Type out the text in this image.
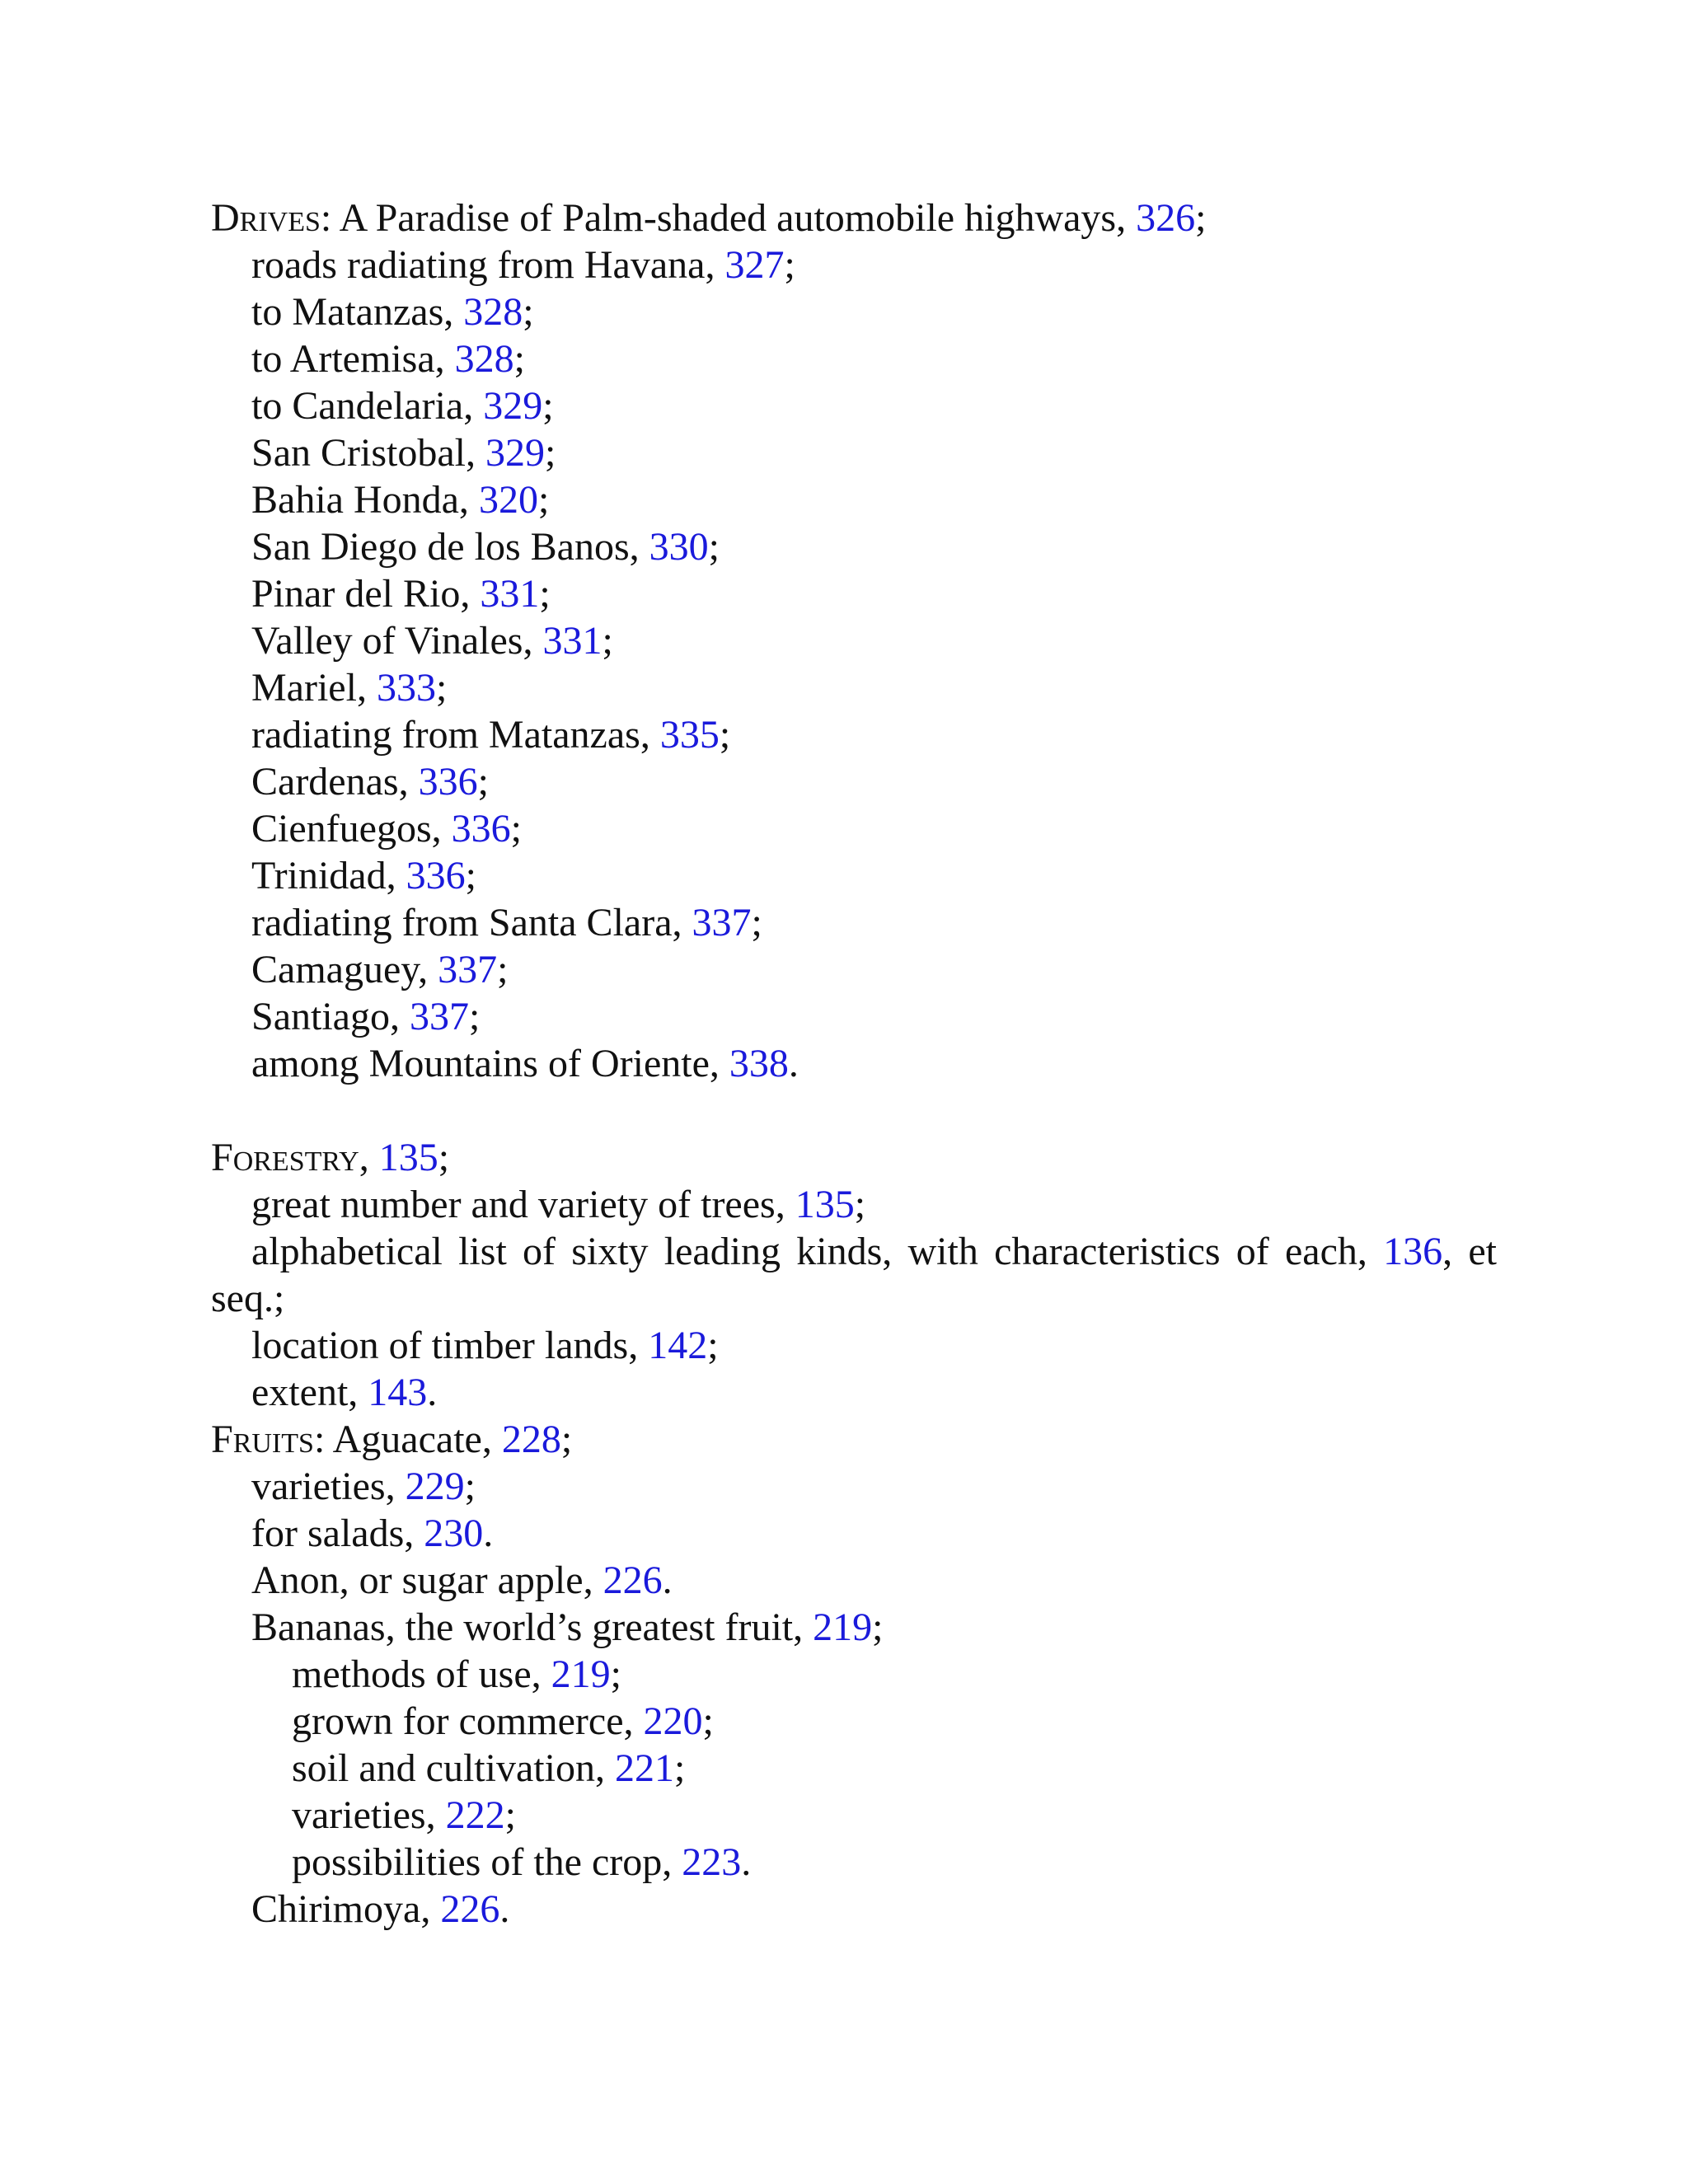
Drives: A Paradise of Palm-shaded automobile highways, 326;
roads radiating from Havana, 327;
to Matanzas, 328;
to Artemisa, 328;
to Candelaria, 329;
San Cristobal, 329;
Bahia Honda, 320;
San Diego de los Banos, 330;
Pinar del Rio, 331;
Valley of Vinales, 331;
Mariel, 333;
radiating from Matanzas, 335;
Cardenas, 336;
Cienfuegos, 336;
Trinidad, 336;
radiating from Santa Clara, 337;
Camaguey, 337;
Santiago, 337;
among Mountains of Oriente, 338.
Forestry, 135;
great number and variety of trees, 135;
alphabetical list of sixty leading kinds, with characteristics of each, 136, et seq.;
location of timber lands, 142;
extent, 143.
Fruits: Aguacate, 228;
varieties, 229;
for salads, 230.
Anon, or sugar apple, 226.
Bananas, the world’s greatest fruit, 219;
methods of use, 219;
grown for commerce, 220;
soil and cultivation, 221;
varieties, 222;
possibilities of the crop, 223.
Chirimoya, 226.
